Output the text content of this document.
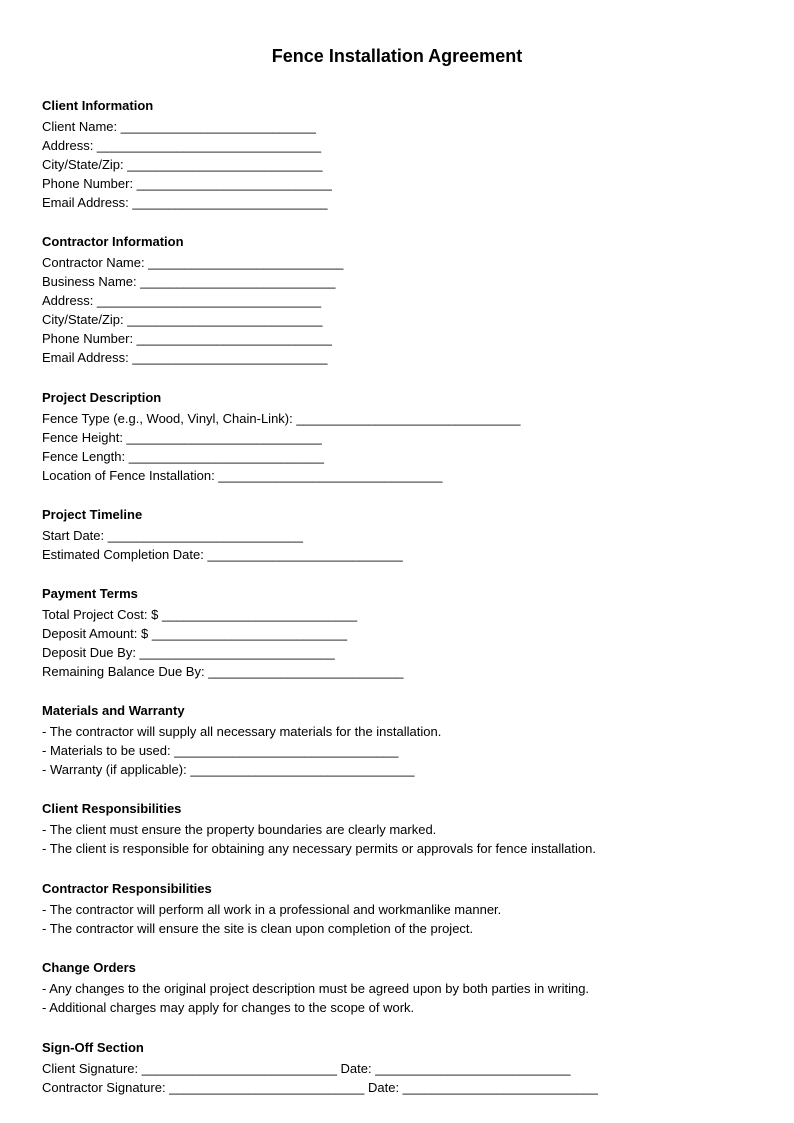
Fence Installation Agreement

Client Information

Client Name: ___________________________

Address: _______________________________

City/State/Zip: ___________________________

Phone Number: ___________________________

Email Address: ___________________________

Contractor Information

Contractor Name: ___________________________

Business Name: ___________________________

Address: _______________________________

City/State/Zip: ___________________________

Phone Number: ___________________________

Email Address: ___________________________

Project Description

Fence Type (e.g., Wood, Vinyl, Chain-Link): _______________________________

Fence Height: ___________________________

Fence Length: ___________________________

Location of Fence Installation: _______________________________

Project Timeline

Start Date: ___________________________

Estimated Completion Date: ___________________________

Payment Terms

Total Project Cost: $ ___________________________

Deposit Amount: $ ___________________________

Deposit Due By: ___________________________

Remaining Balance Due By: ___________________________

Materials and Warranty

- The contractor will supply all necessary materials for the installation.

- Materials to be used: _______________________________

- Warranty (if applicable): _______________________________

Client Responsibilities

- The client must ensure the property boundaries are clearly marked.

- The client is responsible for obtaining any necessary permits or approvals for fence installation.

Contractor Responsibilities

- The contractor will perform all work in a professional and workmanlike manner.

- The contractor will ensure the site is clean upon completion of the project.

Change Orders

- Any changes to the original project description must be agreed upon by both parties in writing.

- Additional charges may apply for changes to the scope of work.

Sign-Off Section

Client Signature: ___________________________ Date: ___________________________

Contractor Signature: ___________________________ Date: ___________________________
